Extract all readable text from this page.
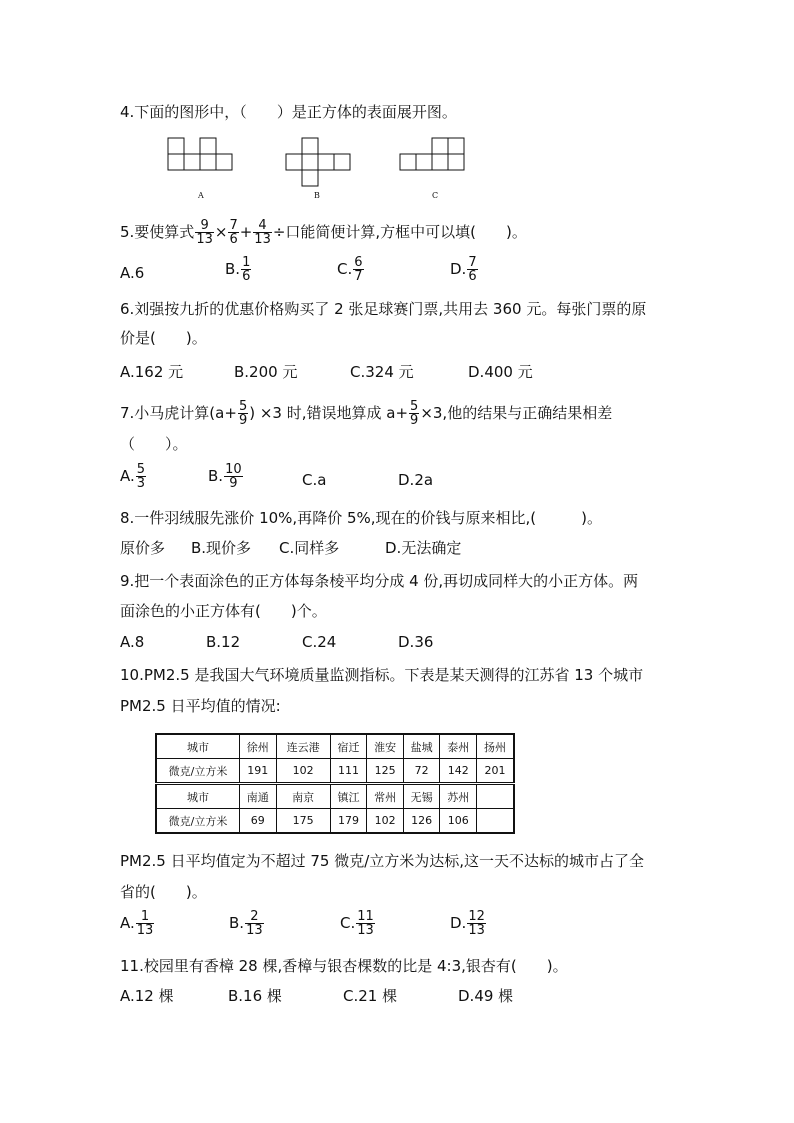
4.下面的图形中，（　　）是正方体的表面展开图。
A	B	C
5.要使算式 $\frac{9}{13} \times \frac{7}{6} + \frac{4}{13}$ ÷口能简便计算,方框中可以填(　　)。
A.6	B. $\frac{1}{6}$	C. $\frac{6}{7}$	D. $\frac{7}{6}$
6.刘强按九折的优惠价格购买了 2 张足球赛门票,共用去 360 元。每张门票的原
价是(　　)。
A.162 元	B.200 元	C.324 元	D.400 元
7.小马虎计算($a+ \frac{5}{9}$ ) ×3 时,错误地算成 $a+ \frac{5}{9} \times 3$,他的结果与正确结果相差
（　　）。
A. $\frac{5}{3}$	B. $\frac{10}{9}$	C.a	D.2a
8.一件羽绒服先涨价 10%,再降价 5%,现在的价钱与原来相比,(　　　)。
原价多 B.现价多 C.同样多	D.无法确定
9.把一个表面涂色的正方体每条棱平均分成 4 份,再切成同样大的小正方体。两
面涂色的小正方体有(　　)个。
A.8	B.12	C.24	D.36
10.PM2.5 是我国大气环境质量监测指标。下表是某天测得的江苏省 13 个城市
PM2.5 日平均值的情况:
城市	徐州	连云港	宿迁	淮安	盐城	泰州	扬州
微克/立方米	191	102	111	125	72	142	201
城市	南通	南京	镇江	常州	无锡	苏州	
微克/立方米	69	175	179	102	126	106	
PM2.5 日平均值定为不超过 75 微克/立方米为达标,这一天不达标的城市占了全
省的(　　)。
A. $\frac{1}{13}$	B. $\frac{2}{13}$	C. $\frac{11}{13}$	D. $\frac{12}{13}$
11.校园里有香樟 28 棵,香樟与银杏棵数的比是 4:3,银杏有(　　)。
A.12 棵	B.16 棵	C.21 棵	D.49 棵
